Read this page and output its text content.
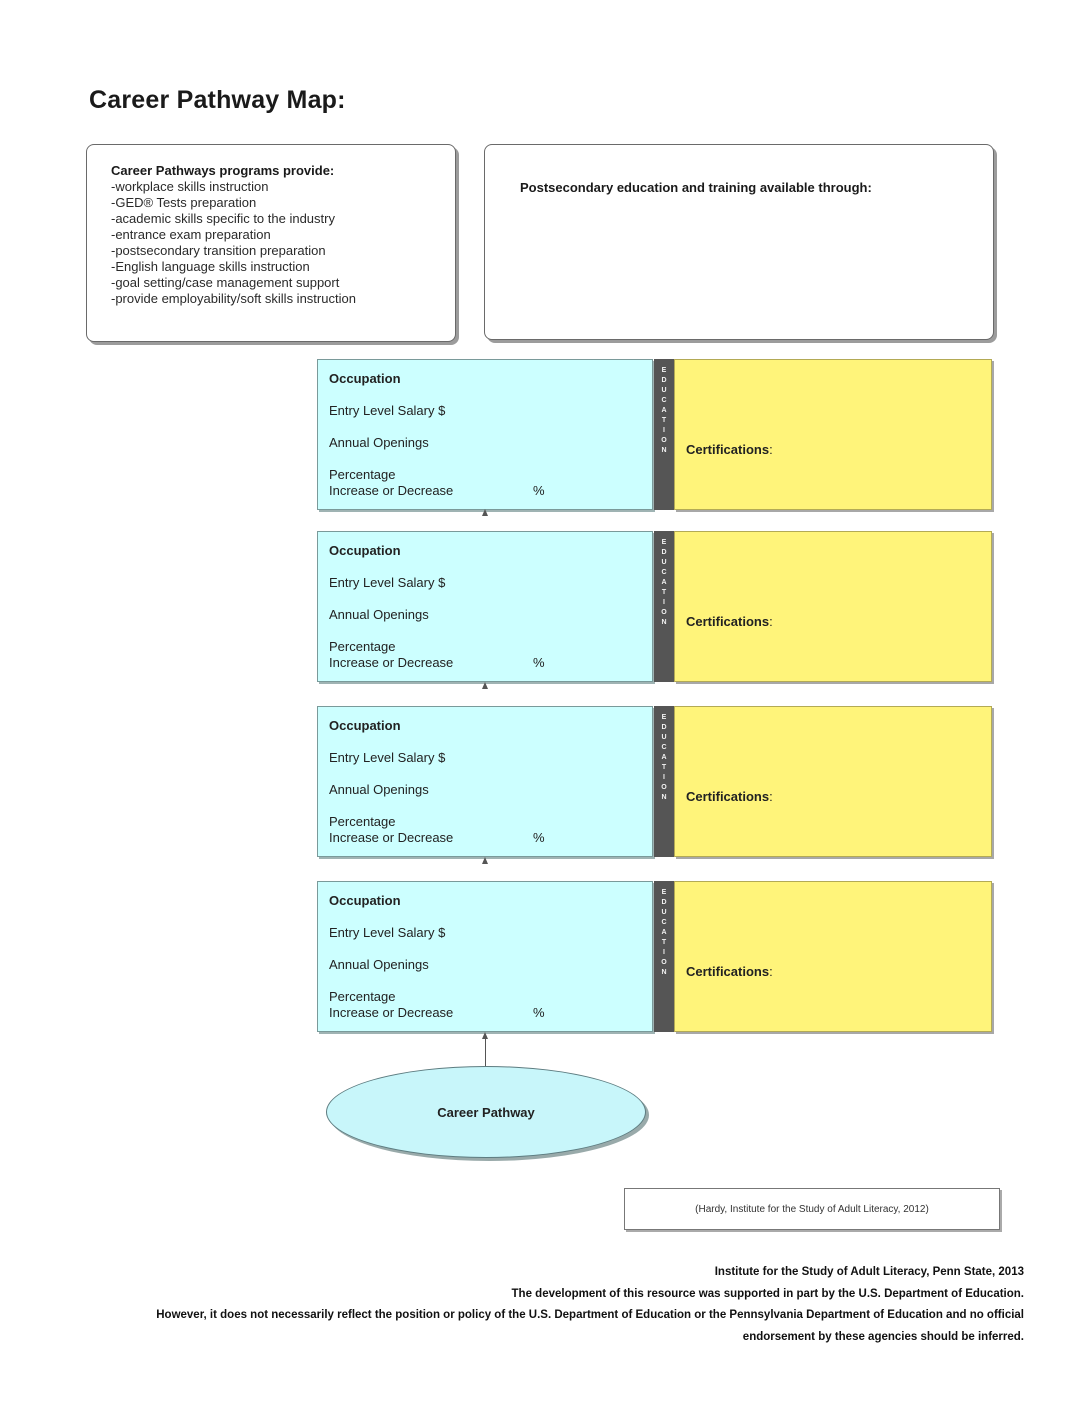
Career Pathway Map:
Career Pathways programs provide:
-workplace skills instruction
-GED® Tests preparation
-academic skills specific to the industry
-entrance exam preparation
-postsecondary transition preparation
-English language skills instruction
-goal setting/case management support
-provide employability/soft skills instruction
Postsecondary education and training available through:
Occupation
Entry Level Salary $
Annual Openings
Percentage
Increase or Decrease	%
E
D
U
C
A
T
I
O
N Certifications:
Occupation
Entry Level Salary $
Annual Openings
Percentage
Increase or Decrease	%
E
D
U
C
A
T
I
O
N Certifications:
Occupation
Entry Level Salary $
Annual Openings
Percentage
Increase or Decrease	%
E
D
U
C
A
T
I
O
N Certifications:
Occupation
Entry Level Salary $
Annual Openings
Percentage
Increase or Decrease	%
E
D
U
C
A
T
I
O
N Certifications:
Career Pathway
(Hardy, Institute for the Study of Adult Literacy, 2012)
Institute for the Study of Adult Literacy, Penn State, 2013
The development of this resource was supported in part by the U.S. Department of Education.
However, it does not necessarily reflect the position or policy of the U.S. Department of Education or the Pennsylvania Department of Education and no official
endorsement by these agencies should be inferred.
